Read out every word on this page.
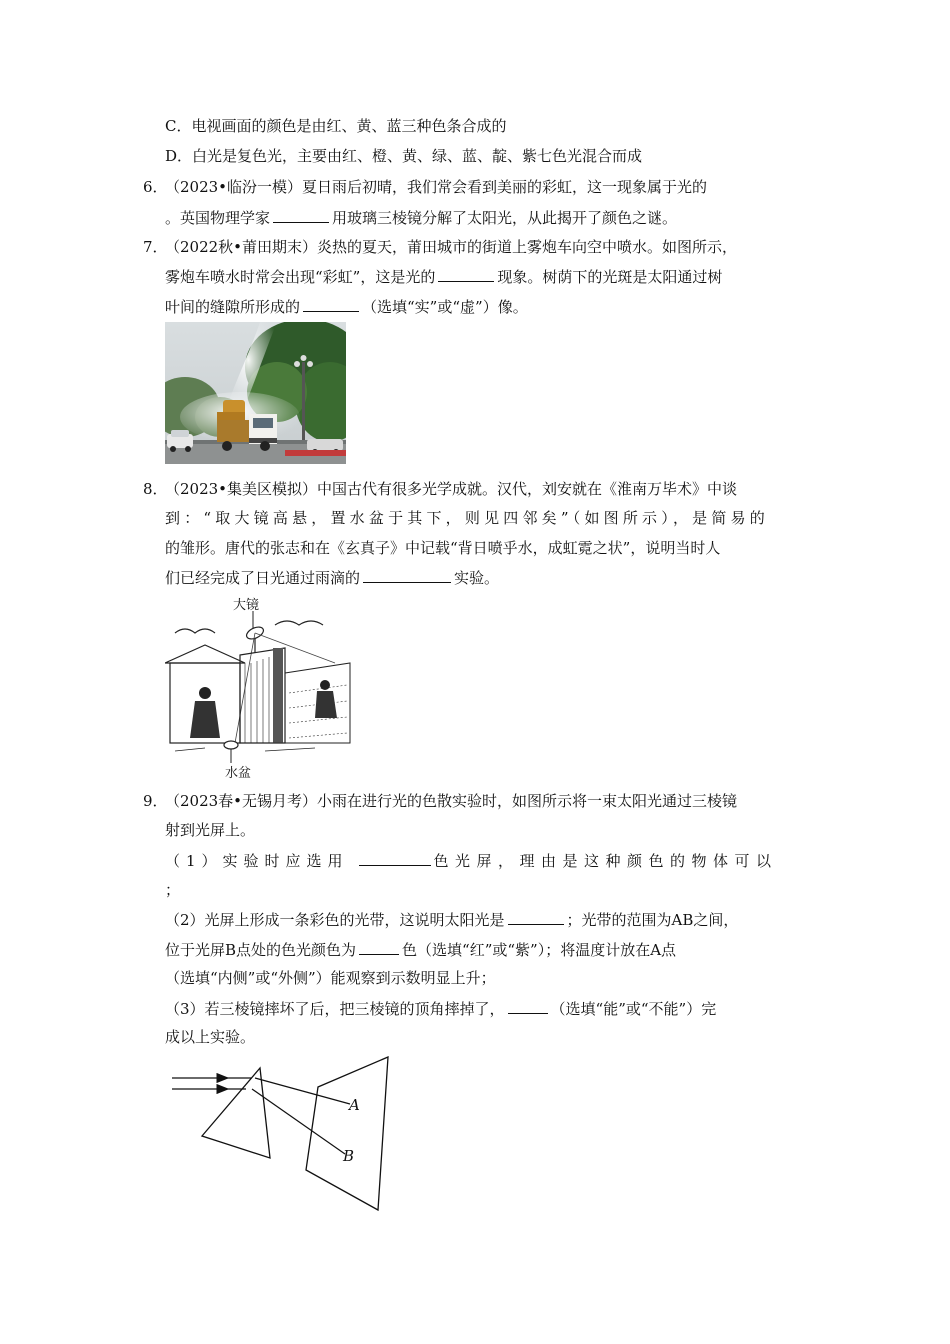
C．电视画面的颜色是由红、黄、蓝三种色条合成的
D．白光是复色光，主要由红、橙、黄、绿、蓝、靛、紫七色光混合而成
6．
（2023•临汾一模）夏日雨后初晴，我们常会看到美丽的彩虹，这一现象属于光的
。英国物理学家	用玻璃三棱镜分解了太阳光，从此揭开了颜色之谜。
7．
（2022秋•莆田期末）炎热的夏天，莆田城市的街道上雾炮车向空中喷水。如图所示，
雾炮车喷水时常会出现“彩虹”，这是光的	现象。树荫下的光斑是太阳通过树
叶间的缝隙所形成的	（选填“实”或“虚”）像。
8．
（2023•集美区模拟）中国古代有很多光学成就。汉代，刘安就在《淮南万毕术》中谈
到：“取大镜高悬，置水盆于其下，则见四邻矣”（如图所示），是简易的
的雏形。唐代的张志和在《玄真子》中记载“背日喷乎水，成虹霓之状”，说明当时人
们已经完成了日光通过雨滴的	实验。
大镜
水盆
9．
（2023春•无锡月考）小雨在进行光的色散实验时，如图所示将一束太阳光通过三棱镜
射到光屏上。
（1）实验时应选用	色光屏，理由是这种颜色的物体可以
；
（2）光屏上形成一条彩色的光带，这说明太阳光是	；光带的范围为AB之间，
位于光屏B点处的色光颜色为	色（选填“红”或“紫”）；将温度计放在A点
（选填“内侧”或“外侧”）能观察到示数明显上升；
（3）若三棱镜摔坏了后，把三棱镜的顶角摔掉了，	（选填“能”或“不能”）完
成以上实验。
A
B
